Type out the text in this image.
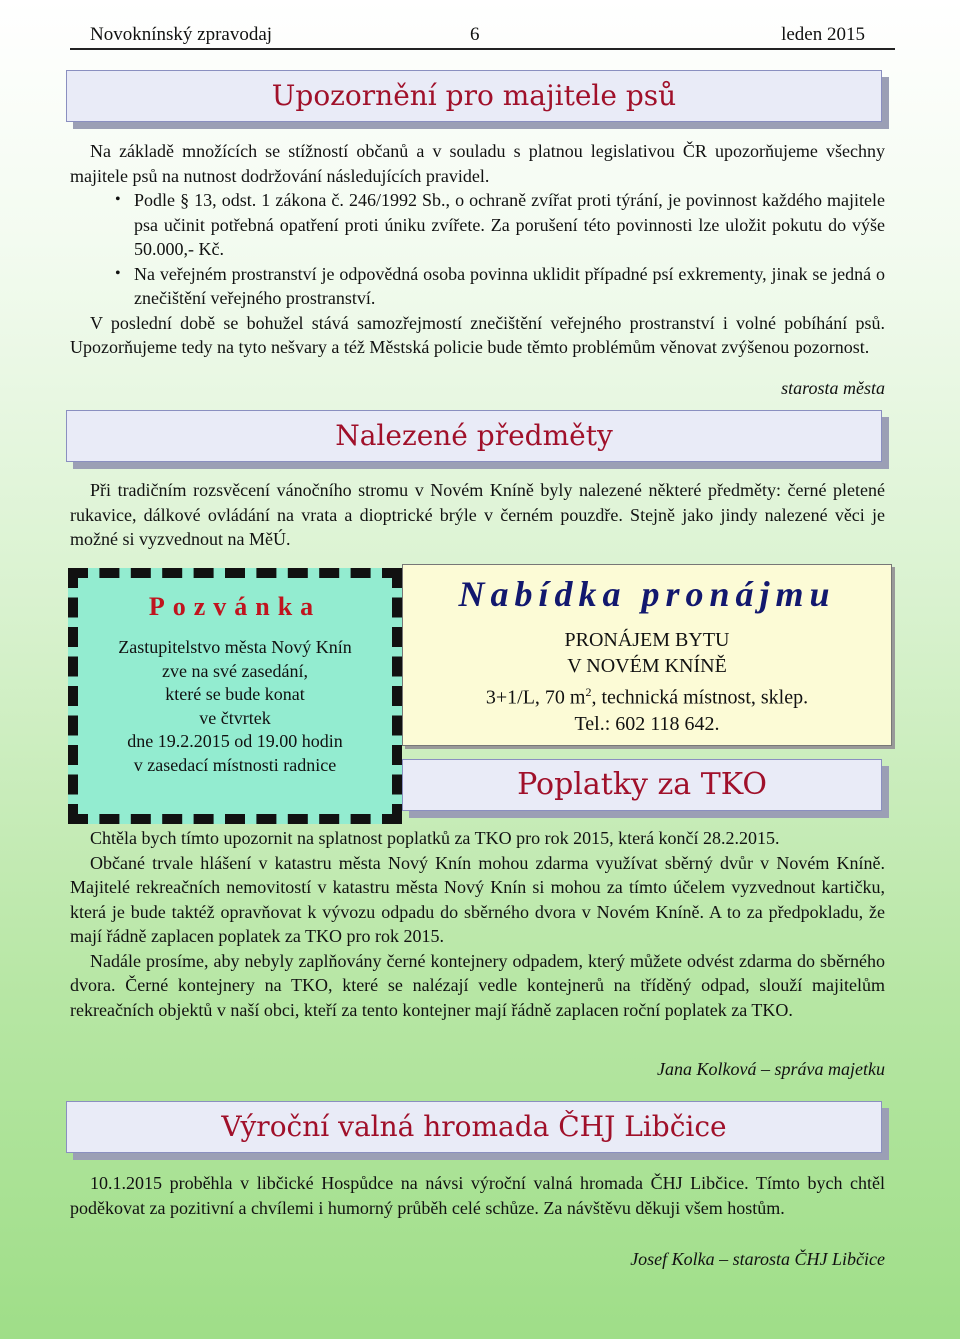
Novoknínský zpravodaj	6	leden 2015
Upozornění pro majitele psů

Na základě množících se stížností občanů a v souladu s platnou legislativou ČR upozorňujeme všechny majitele psů na nutnost dodržování následujících pravidel.

• Podle § 13, odst. 1 zákona č. 246/1992 Sb., o ochraně zvířat proti týrání, je povinnost každého majitele psa učinit potřebná opatření proti úniku zvířete. Za porušení této povinnosti lze uložit pokutu do výše 50.000,- Kč.
• Na veřejném prostranství je odpovědná osoba povinna uklidit případné psí exkrementy, jinak se jedná o znečištění veřejného prostranství.

V poslední době se bohužel stává samozřejmostí znečištění veřejného prostranství i volné pobíhání psů. Upozorňujeme tedy na tyto nešvary a též Městská policie bude těmto problémům věnovat zvýšenou pozornost.

starosta města
Nalezené předměty

Při tradičním rozsvěcení vánočního stromu v Novém Kníně byly nalezené některé předměty: černé pletené rukavice, dálkové ovládání na vrata a dioptrické brýle v černém pouzdře. Stejně jako jindy nalezené věci je možné si vyzvednout na MěÚ.

Pozvánka
Zastupitelstvo města Nový Knín
zve na své zasedání,
které se bude konat
ve čtvrtek
dne 19.2.2015 od 19.00 hodin
v zasedací místnosti radnice
Nabídka pronájmu
PRONÁJEM BYTU
V NOVÉM KNÍNĚ
3+1/L, 70 $m^2$, technická místnost, sklep.
Tel.: 602 118 642.
Poplatky za TKO

Chtěla bych tímto upozornit na splatnost poplatků za TKO pro rok 2015, která končí 28.2.2015.

Občané trvale hlášení v katastru města Nový Knín mohou zdarma využívat sběrný dvůr v Novém Kníně. Majitelé rekreačních nemovitostí v katastru města Nový Knín si mohou za tímto účelem vyzvednout kartičku, která je bude taktéž opravňovat k vývozu odpadu do sběrného dvora v Novém Kníně. A to za předpokladu, že mají řádně zaplacen poplatek za TKO pro rok 2015.

Nadále prosíme, aby nebyly zaplňovány černé kontejnery odpadem, který můžete odvést zdarma do sběrného dvora. Černé kontejnery na TKO, které se nalézají vedle kontejnerů na tříděný odpad, slouží majitelům rekreačních objektů v naší obci, kteří za tento kontejner mají řádně zaplacen roční poplatek za TKO.

Jana Kolková – správa majetku
Výroční valná hromada ČHJ Libčice

10.1.2015 proběhla v libčické Hospůdce na návsi výroční valná hromada ČHJ Libčice. Tímto bych chtěl poděkovat za pozitivní a chvílemi i humorný průběh celé schůze. Za návštěvu děkuji všem hostům.

Josef Kolka – starosta ČHJ Libčice
